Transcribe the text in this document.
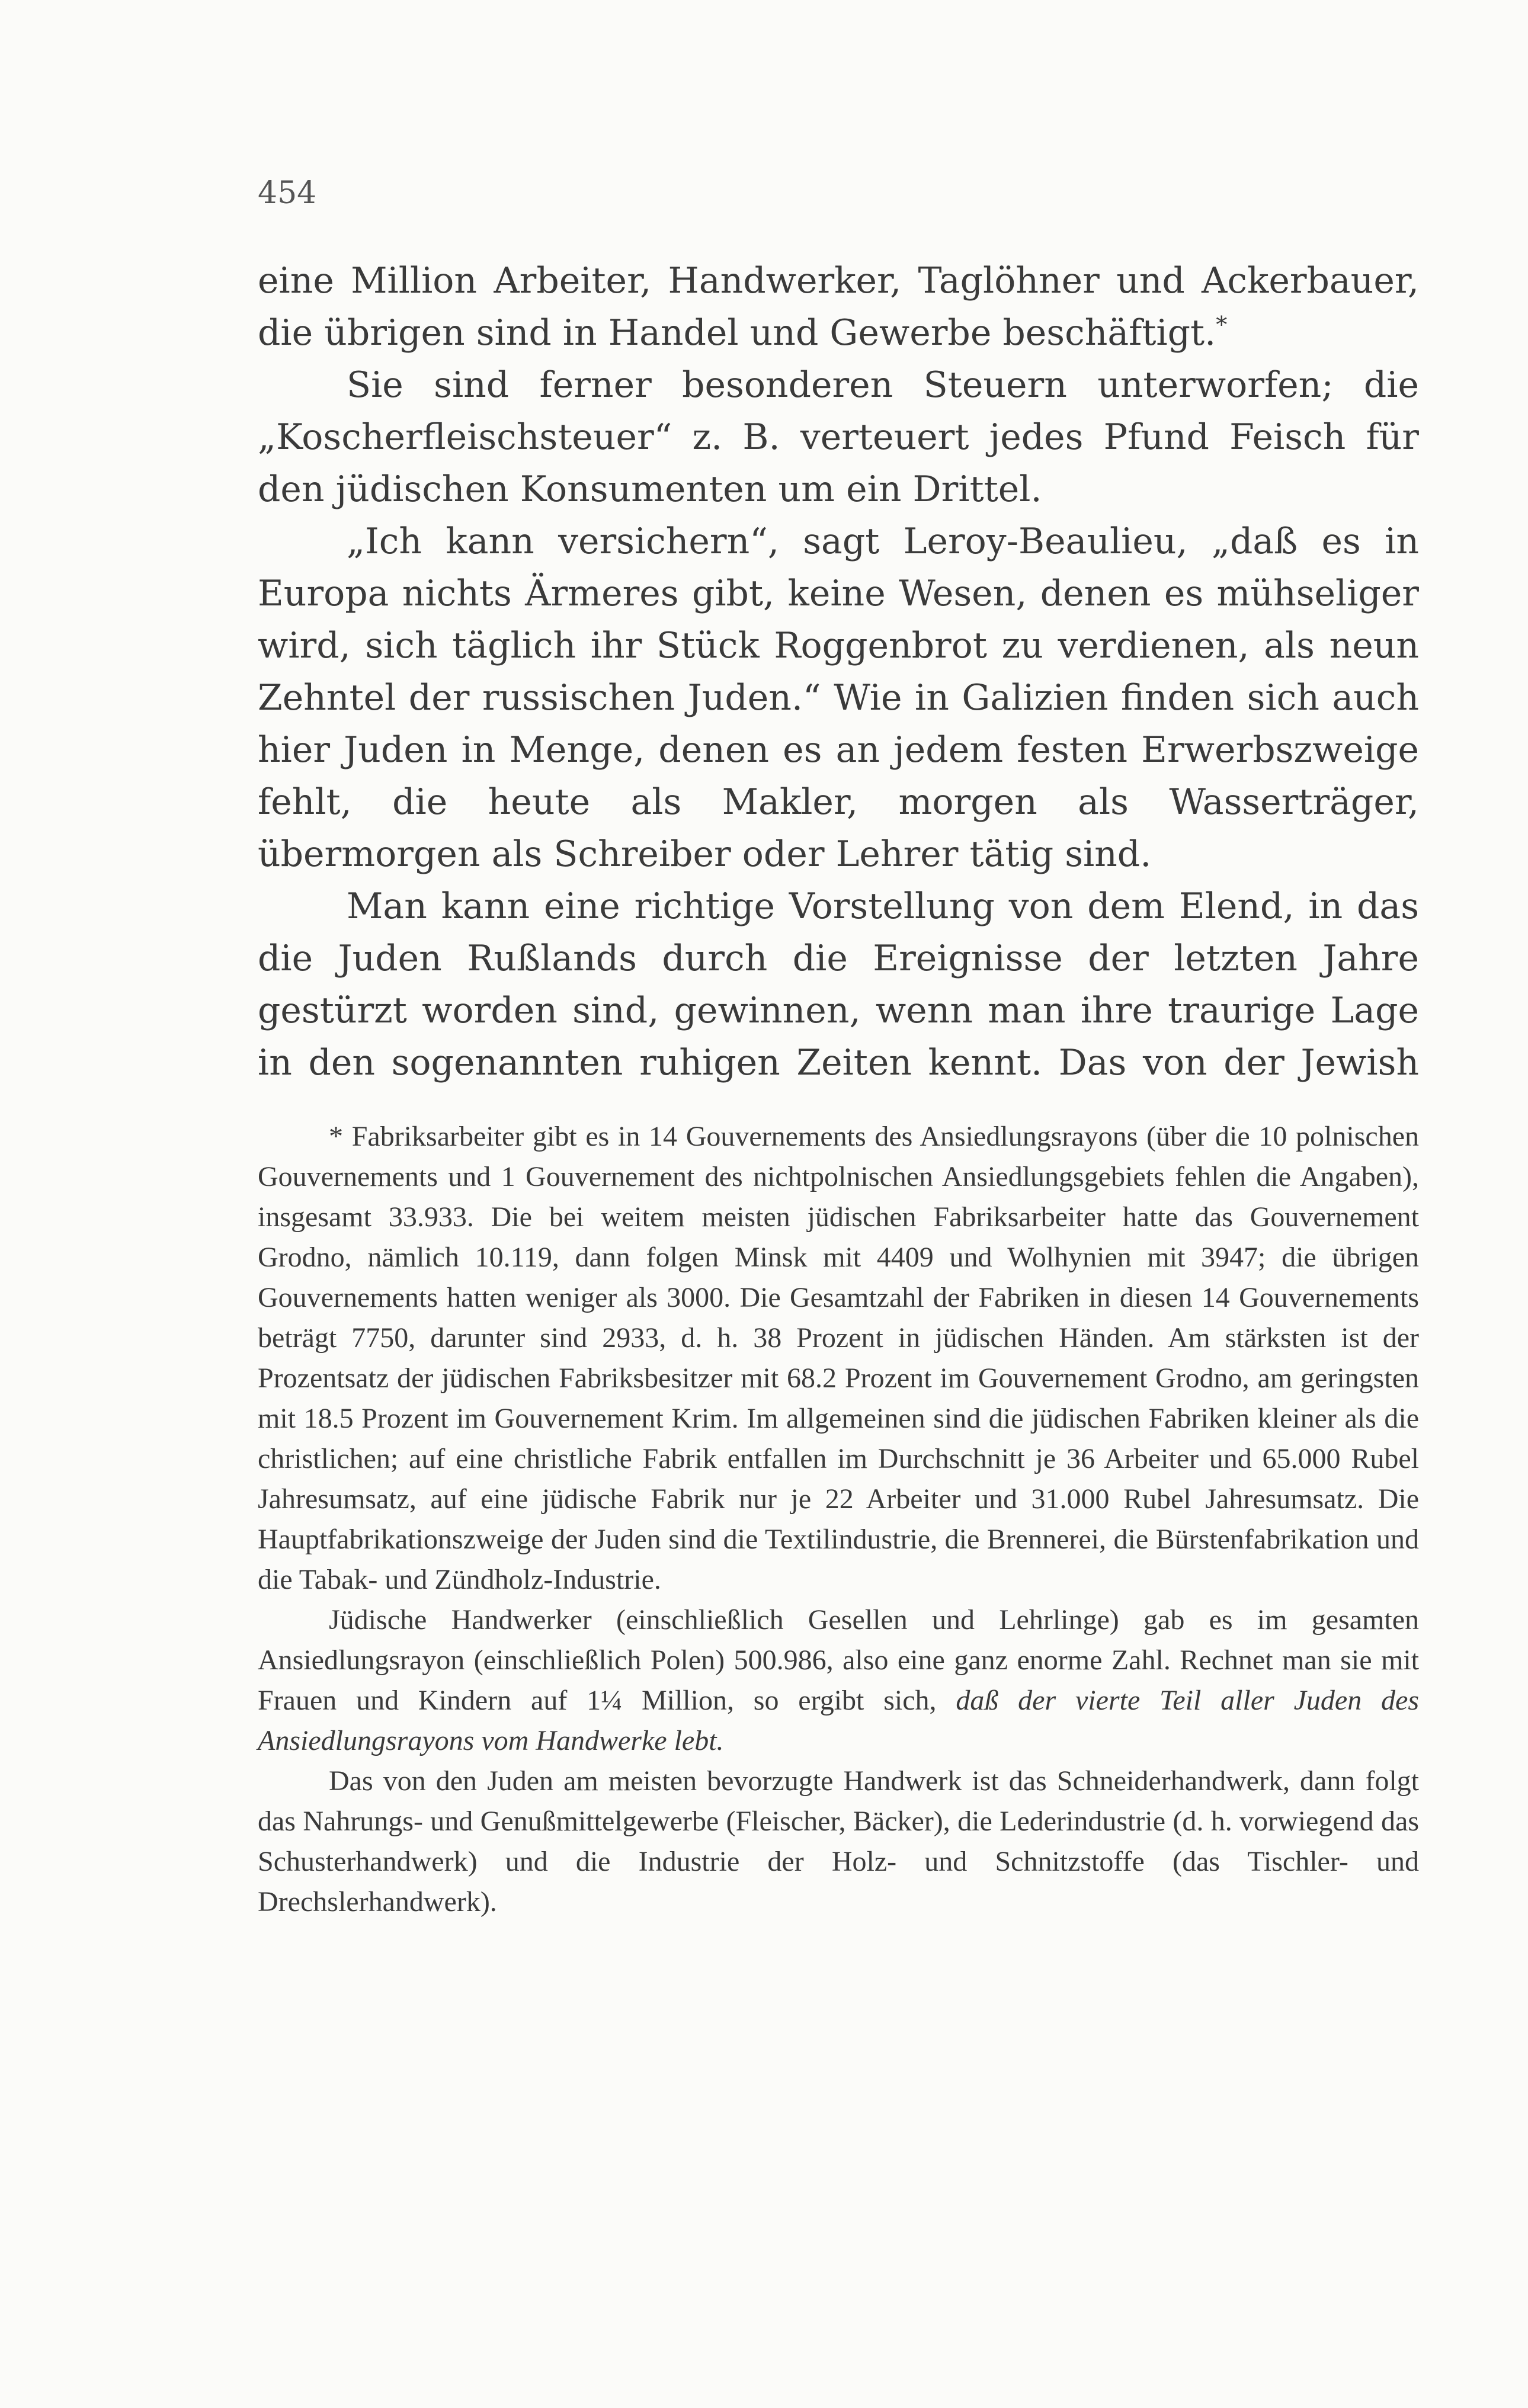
454

eine Million Arbeiter, Handwerker, Taglöhner und Ackerbauer, die übrigen sind in Handel und Gewerbe beschäftigt.*

Sie sind ferner besonderen Steuern unterworfen; die „Koscherfleischsteuer“ z. B. verteuert jedes Pfund Feisch für den jüdischen Konsumenten um ein Drittel.

„Ich kann versichern“, sagt Leroy-Beaulieu, „daß es in Europa nichts Ärmeres gibt, keine Wesen, denen es mühseliger wird, sich täglich ihr Stück Roggenbrot zu verdienen, als neun Zehntel der russischen Juden.“ Wie in Galizien finden sich auch hier Juden in Menge, denen es an jedem festen Erwerbszweige fehlt, die heute als Makler, morgen als Wasserträger, übermorgen als Schreiber oder Lehrer tätig sind.

Man kann eine richtige Vorstellung von dem Elend, in das die Juden Rußlands durch die Ereignisse der letzten Jahre gestürzt worden sind, gewinnen, wenn man ihre traurige Lage in den sogenannten ruhigen Zeiten kennt. Das von der Jewish

* Fabriksarbeiter gibt es in 14 Gouvernements des Ansiedlungsrayons (über die 10 polnischen Gouvernements und 1 Gouvernement des nichtpolnischen Ansiedlungsgebiets fehlen die Angaben), insgesamt 33.933. Die bei weitem meisten jüdischen Fabriksarbeiter hatte das Gouvernement Grodno, nämlich 10.119, dann folgen Minsk mit 4409 und Wolhynien mit 3947; die übrigen Gouvernements hatten weniger als 3000. Die Gesamtzahl der Fabriken in diesen 14 Gouvernements beträgt 7750, darunter sind 2933, d. h. 38 Prozent in jüdischen Händen. Am stärksten ist der Prozentsatz der jüdischen Fabriksbesitzer mit 68.2 Prozent im Gouvernement Grodno, am geringsten mit 18.5 Prozent im Gouvernement Krim. Im allgemeinen sind die jüdischen Fabriken kleiner als die christlichen; auf eine christliche Fabrik entfallen im Durchschnitt je 36 Arbeiter und 65.000 Rubel Jahresumsatz, auf eine jüdische Fabrik nur je 22 Arbeiter und 31.000 Rubel Jahresumsatz. Die Hauptfabrikationszweige der Juden sind die Textilindustrie, die Brennerei, die Bürstenfabrikation und die Tabak- und Zündholz-Industrie.

Jüdische Handwerker (einschließlich Gesellen und Lehrlinge) gab es im gesamten Ansiedlungsrayon (einschließlich Polen) 500.986, also eine ganz enorme Zahl. Rechnet man sie mit Frauen und Kindern auf 1¼ Million, so ergibt sich, daß der vierte Teil aller Juden des Ansiedlungsrayons vom Handwerke lebt.

Das von den Juden am meisten bevorzugte Handwerk ist das Schneiderhandwerk, dann folgt das Nahrungs- und Genußmittelgewerbe (Fleischer, Bäcker), die Lederindustrie (d. h. vorwiegend das Schusterhandwerk) und die Industrie der Holz- und Schnitzstoffe (das Tischler- und Drechslerhandwerk).
